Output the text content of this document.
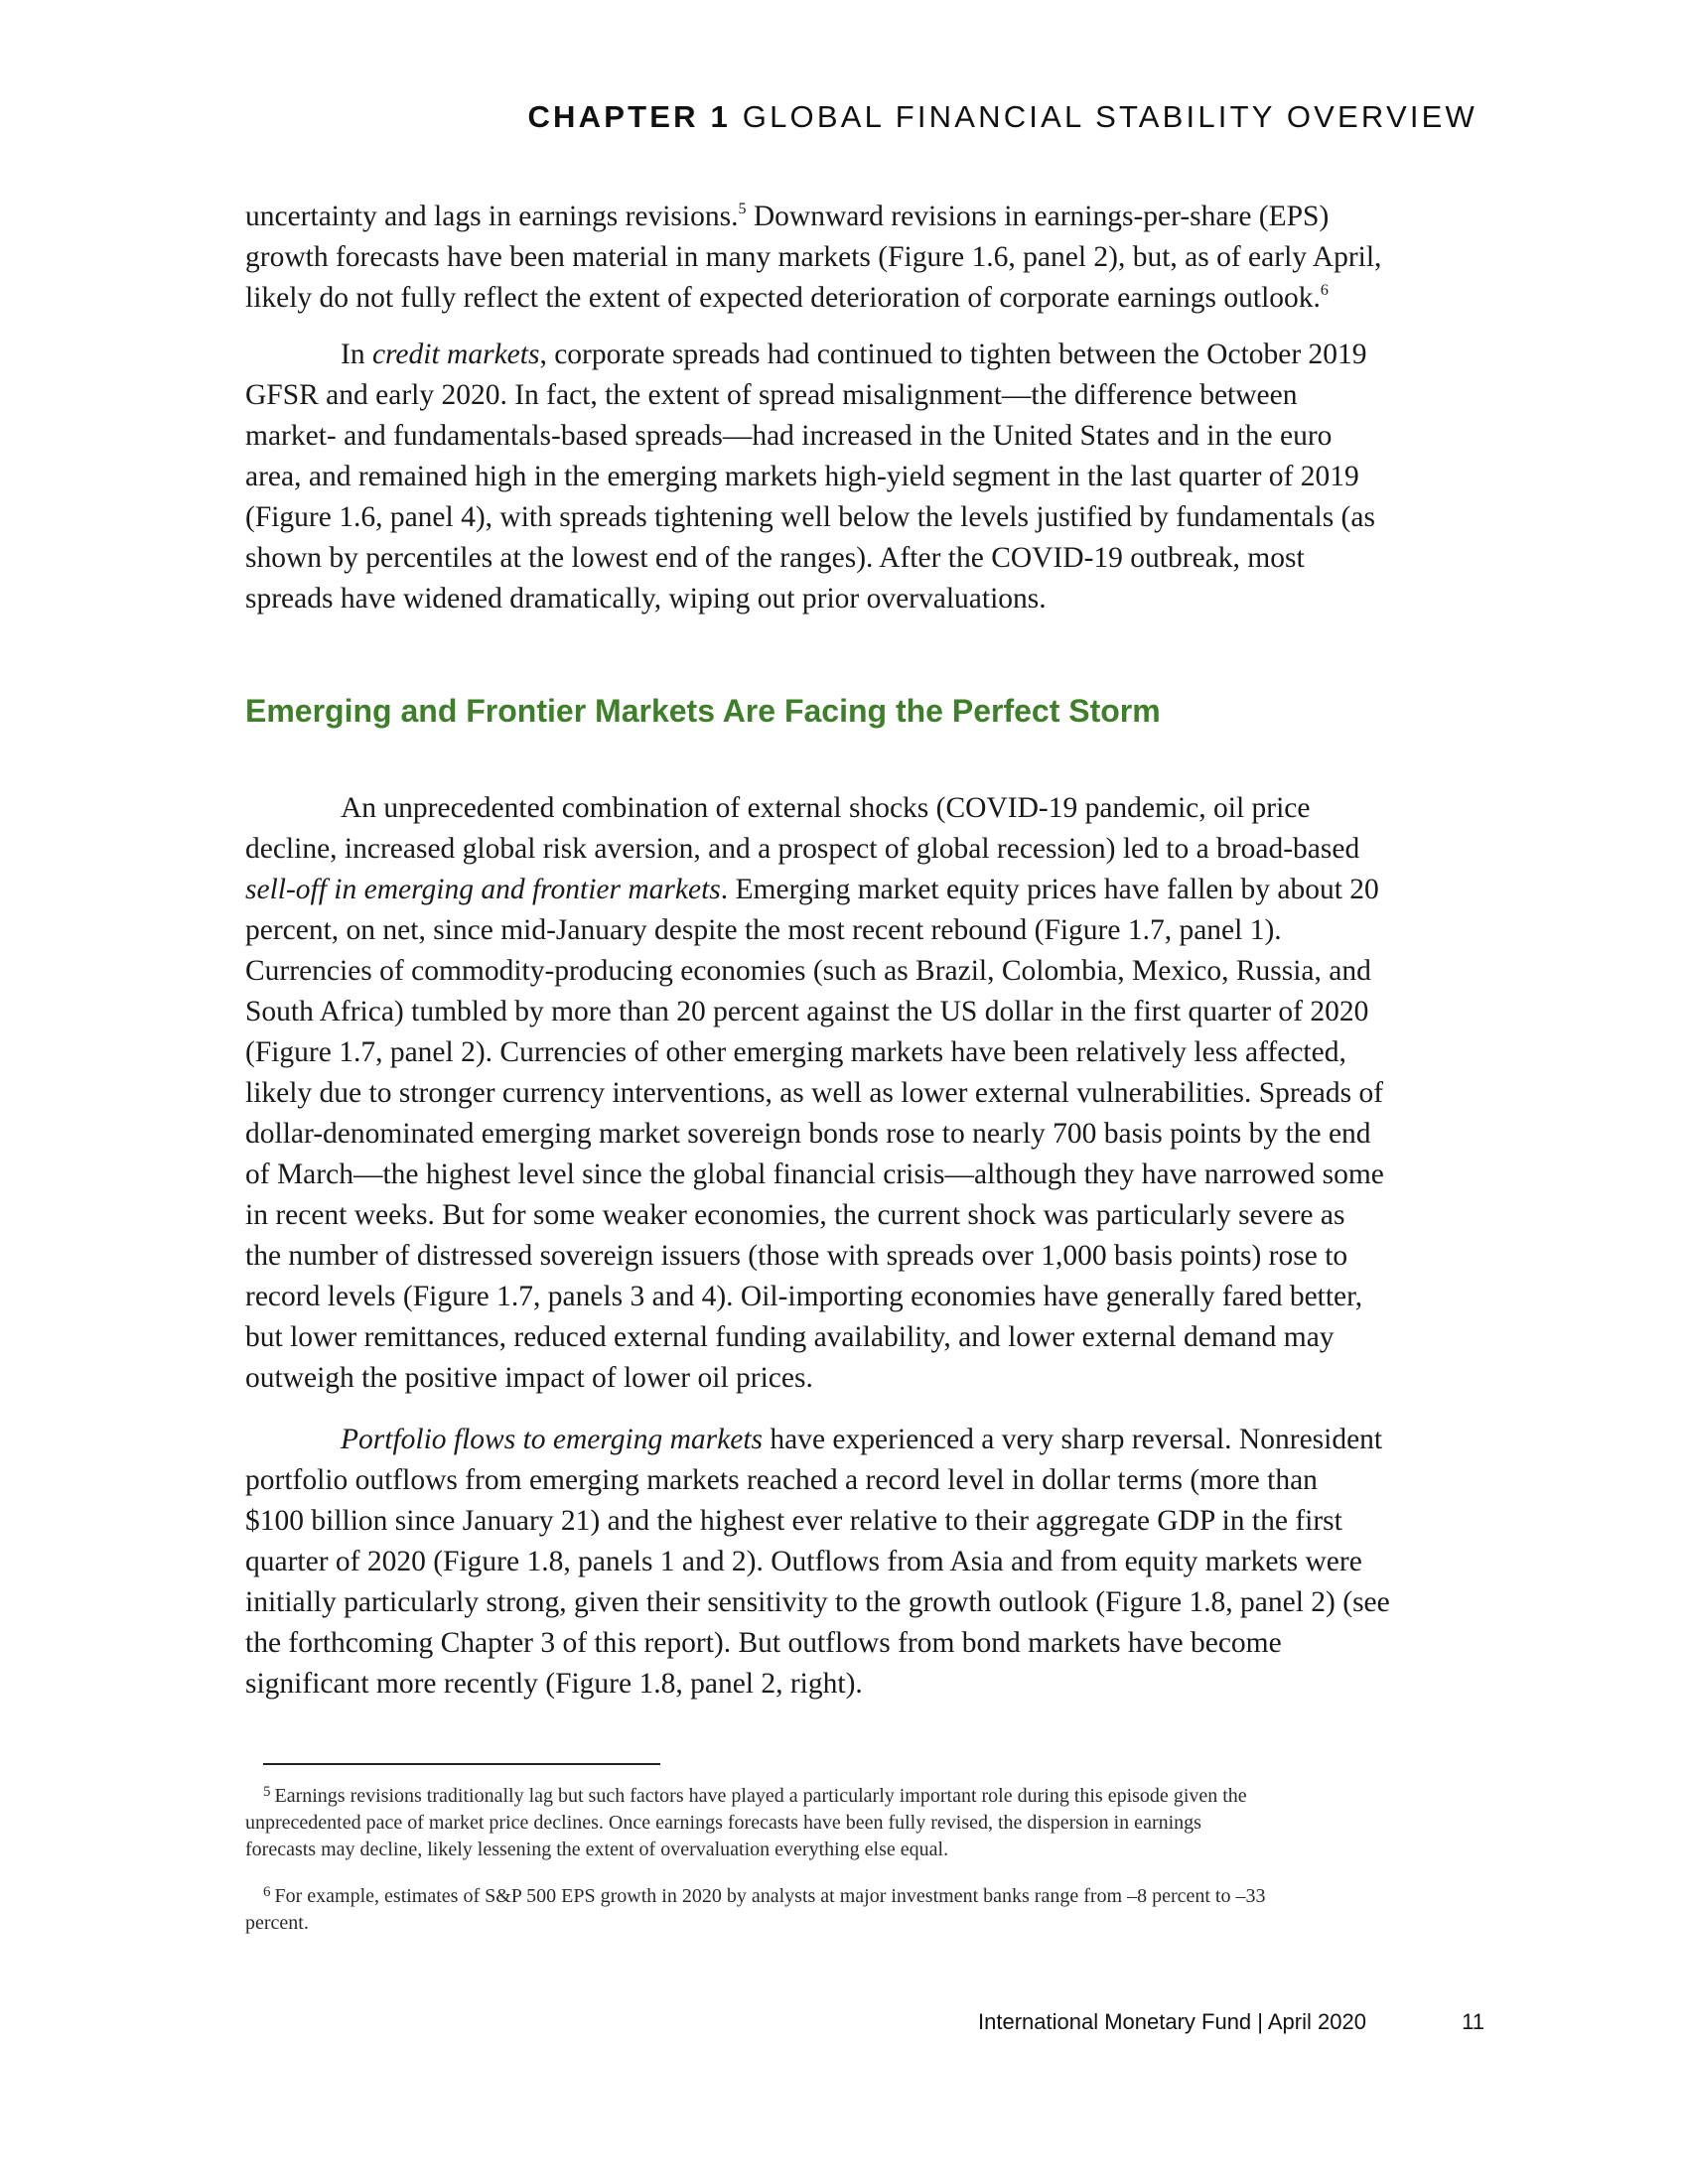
CHAPTER 1 GLOBAL FINANCIAL STABILITY OVERVIEW
uncertainty and lags in earnings revisions.$^5$ Downward revisions in earnings-per-share (EPS)
growth forecasts have been material in many markets (Figure 1.6, panel 2), but, as of early April,
likely do not fully reflect the extent of expected deterioration of corporate earnings outlook.$^6$
In credit markets, corporate spreads had continued to tighten between the October 2019
GFSR and early 2020. In fact, the extent of spread misalignment—the difference between
market- and fundamentals-based spreads—had increased in the United States and in the euro
area, and remained high in the emerging markets high-yield segment in the last quarter of 2019
(Figure 1.6, panel 4), with spreads tightening well below the levels justified by fundamentals (as
shown by percentiles at the lowest end of the ranges). After the COVID-19 outbreak, most
spreads have widened dramatically, wiping out prior overvaluations.
Emerging and Frontier Markets Are Facing the Perfect Storm
An unprecedented combination of external shocks (COVID-19 pandemic, oil price
decline, increased global risk aversion, and a prospect of global recession) led to a broad-based
sell-off in emerging and frontier markets. Emerging market equity prices have fallen by about 20
percent, on net, since mid-January despite the most recent rebound (Figure 1.7, panel 1).
Currencies of commodity-producing economies (such as Brazil, Colombia, Mexico, Russia, and
South Africa) tumbled by more than 20 percent against the US dollar in the first quarter of 2020
(Figure 1.7, panel 2). Currencies of other emerging markets have been relatively less affected,
likely due to stronger currency interventions, as well as lower external vulnerabilities. Spreads of
dollar-denominated emerging market sovereign bonds rose to nearly 700 basis points by the end
of March—the highest level since the global financial crisis—although they have narrowed some
in recent weeks. But for some weaker economies, the current shock was particularly severe as
the number of distressed sovereign issuers (those with spreads over 1,000 basis points) rose to
record levels (Figure 1.7, panels 3 and 4). Oil-importing economies have generally fared better,
but lower remittances, reduced external funding availability, and lower external demand may
outweigh the positive impact of lower oil prices.
Portfolio flows to emerging markets have experienced a very sharp reversal. Nonresident
portfolio outflows from emerging markets reached a record level in dollar terms (more than
$100 billion since January 21) and the highest ever relative to their aggregate GDP in the first
quarter of 2020 (Figure 1.8, panels 1 and 2). Outflows from Asia and from equity markets were
initially particularly strong, given their sensitivity to the growth outlook (Figure 1.8, panel 2) (see
the forthcoming Chapter 3 of this report). But outflows from bond markets have become
significant more recently (Figure 1.8, panel 2, right).

$^5$ Earnings revisions traditionally lag but such factors have played a particularly important role during this episode given the

unprecedented pace of market price declines. Once earnings forecasts have been fully revised, the dispersion in earnings

forecasts may decline, likely lessening the extent of overvaluation everything else equal.

$^6$ For example, estimates of S&P 500 EPS growth in 2020 by analysts at major investment banks range from –8 percent to –33

percent.

International Monetary Fund | April 2020	11
